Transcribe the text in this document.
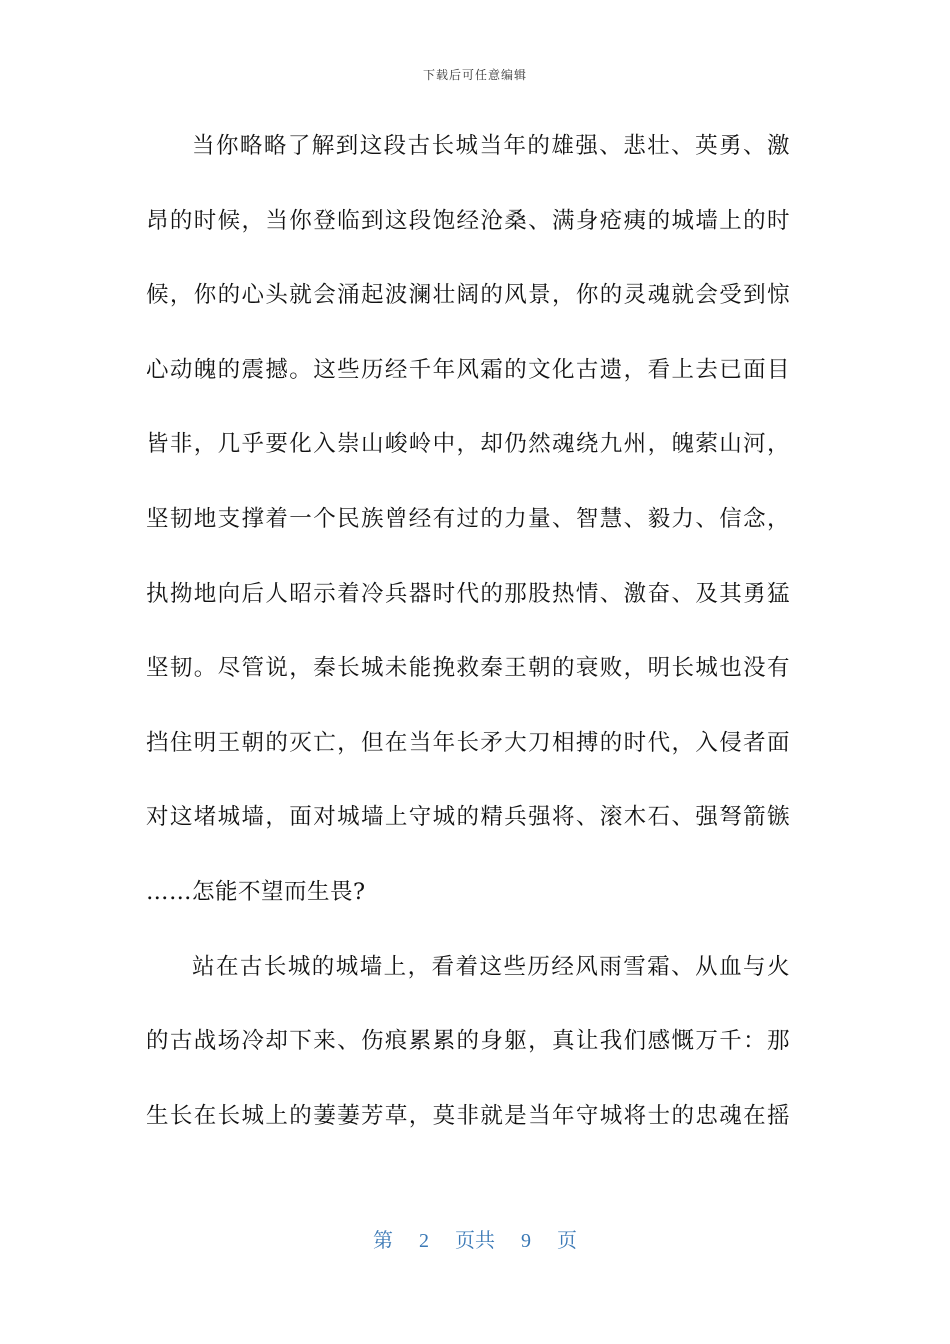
下载后可任意编辑
当你略略了解到这段古长城当年的雄强、悲壮、英勇、激
昂的时候，当你登临到这段饱经沧桑、满身疮痍的城墙上的时
候，你的心头就会涌起波澜壮阔的风景，你的灵魂就会受到惊
心动魄的震撼。这些历经千年风霜的文化古遗，看上去已面目
皆非，几乎要化入崇山峻岭中，却仍然魂绕九州，魄萦山河，
坚韧地支撑着一个民族曾经有过的力量、智慧、毅力、信念，
执拗地向后人昭示着冷兵器时代的那股热情、激奋、及其勇猛
坚韧。尽管说，秦长城未能挽救秦王朝的衰败，明长城也没有
挡住明王朝的灭亡，但在当年长矛大刀相搏的时代，入侵者面
对这堵城墙，面对城墙上守城的精兵强将、滚木石、强弩箭镞
……怎能不望而生畏?
站在古长城的城墙上，看着这些历经风雨雪霜、从血与火
的古战场冷却下来、伤痕累累的身躯，真让我们感慨万千：那
生长在长城上的萋萋芳草，莫非就是当年守城将士的忠魂在摇
第 2 页共 9 页
